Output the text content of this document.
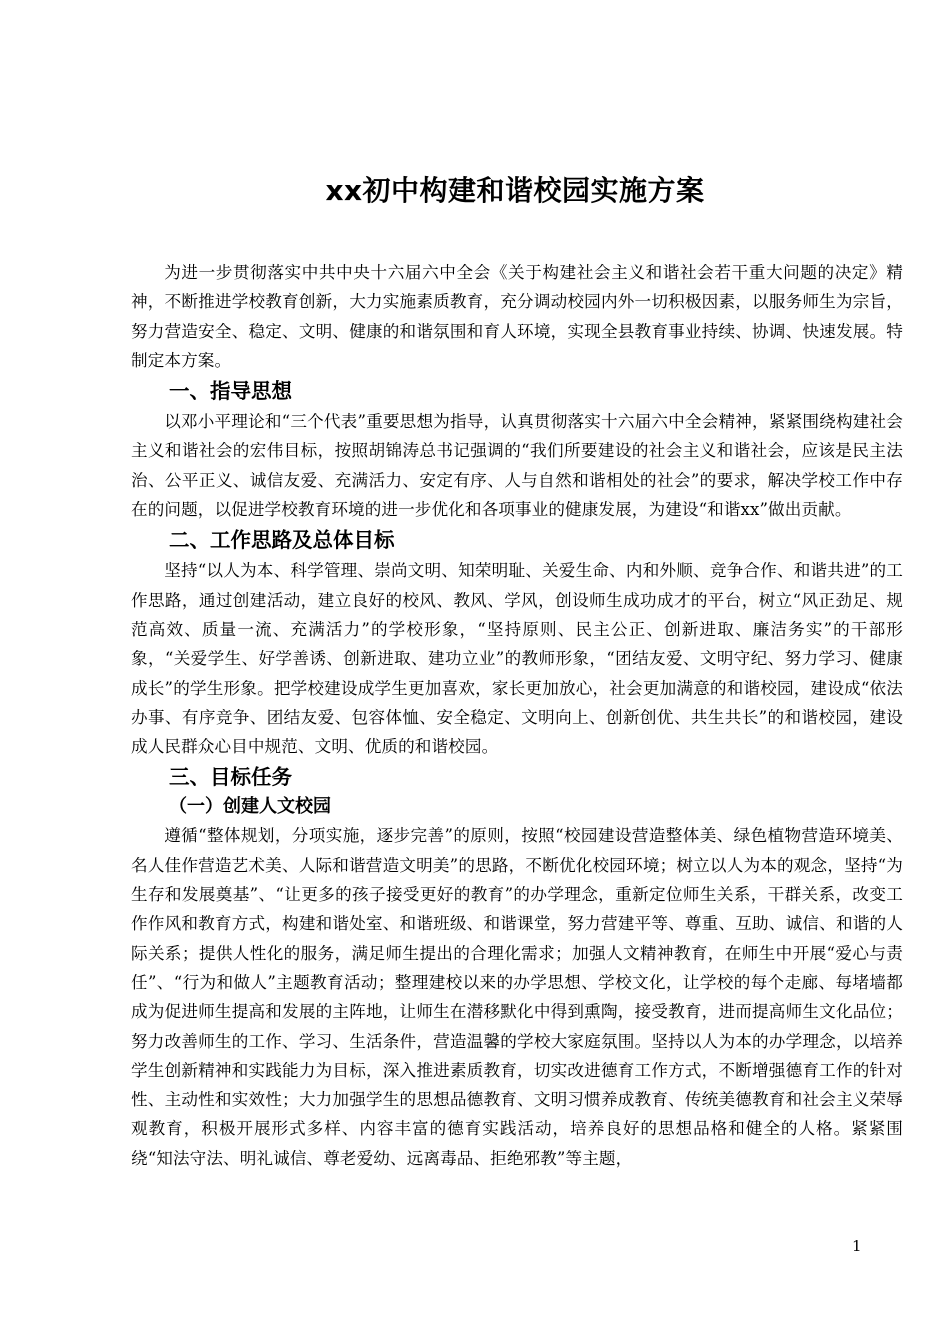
xx初中构建和谐校园实施方案

为进一步贯彻落实中共中央十六届六中全会《关于构建社会主义和谐社会若干重大问题的决定》精神，不断推进学校教育创新，大力实施素质教育，充分调动校园内外一切积极因素，以服务师生为宗旨，努力营造安全、稳定、文明、健康的和谐氛围和育人环境，实现全县教育事业持续、协调、快速发展。特制定本方案。

一、指导思想

以邓小平理论和“三个代表”重要思想为指导，认真贯彻落实十六届六中全会精神，紧紧围绕构建社会主义和谐社会的宏伟目标，按照胡锦涛总书记强调的“我们所要建设的社会主义和谐社会，应该是民主法治、公平正义、诚信友爱、充满活力、安定有序、人与自然和谐相处的社会”的要求，解决学校工作中存在的问题，以促进学校教育环境的进一步优化和各项事业的健康发展，为建设“和谐xx”做出贡献。

二、工作思路及总体目标

坚持“以人为本、科学管理、崇尚文明、知荣明耻、关爱生命、内和外顺、竞争合作、和谐共进”的工作思路，通过创建活动，建立良好的校风、教风、学风，创设师生成功成才的平台，树立“风正劲足、规范高效、质量一流、充满活力”的学校形象，“坚持原则、民主公正、创新进取、廉洁务实”的干部形象，“关爱学生、好学善诱、创新进取、建功立业”的教师形象，“团结友爱、文明守纪、努力学习、健康成长”的学生形象。把学校建设成学生更加喜欢，家长更加放心，社会更加满意的和谐校园，建设成“依法办事、有序竞争、团结友爱、包容体恤、安全稳定、文明向上、创新创优、共生共长”的和谐校园，建设成人民群众心目中规范、文明、优质的和谐校园。

三、目标任务
（一）创建人文校园

遵循“整体规划，分项实施，逐步完善”的原则，按照“校园建设营造整体美、绿色植物营造环境美、名人佳作营造艺术美、人际和谐营造文明美”的思路，不断优化校园环境；树立以人为本的观念，坚持“为生存和发展奠基”、“让更多的孩子接受更好的教育”的办学理念，重新定位师生关系，干群关系，改变工作作风和教育方式，构建和谐处室、和谐班级、和谐课堂，努力营建平等、尊重、互助、诚信、和谐的人际关系；提供人性化的服务，满足师生提出的合理化需求；加强人文精神教育，在师生中开展“爱心与责任”、“行为和做人”主题教育活动；整理建校以来的办学思想、学校文化，让学校的每个走廊、每堵墙都成为促进师生提高和发展的主阵地，让师生在潜移默化中得到熏陶，接受教育，进而提高师生文化品位；努力改善师生的工作、学习、生活条件，营造温馨的学校大家庭氛围。坚持以人为本的办学理念，以培养学生创新精神和实践能力为目标，深入推进素质教育，切实改进德育工作方式，不断增强德育工作的针对性、主动性和实效性；大力加强学生的思想品德教育、文明习惯养成教育、传统美德教育和社会主义荣辱观教育，积极开展形式多样、内容丰富的德育实践活动，培养良好的思想品格和健全的人格。紧紧围绕“知法守法、明礼诚信、尊老爱幼、远离毒品、拒绝邪教”等主题，

1
